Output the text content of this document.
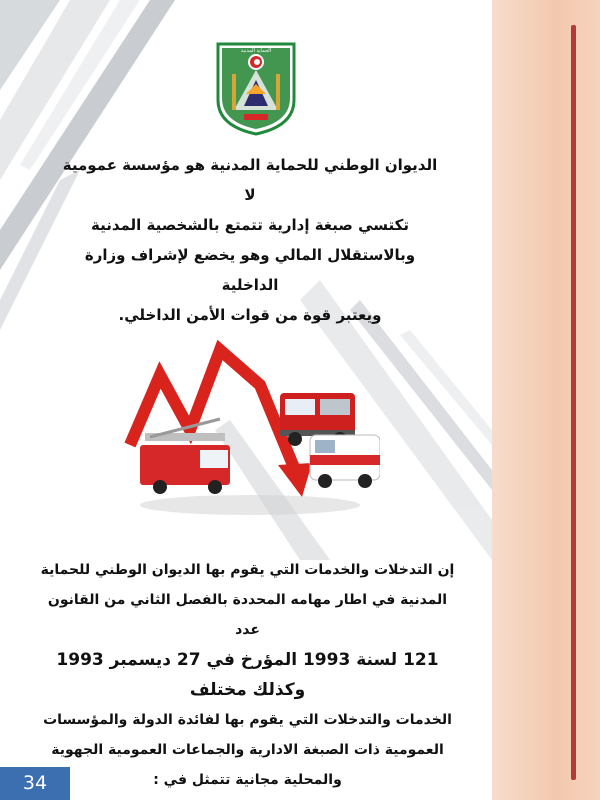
الحماية المدنية
الديوان الوطني للحماية المدنية هو مؤسسة عمومية لا
تكتسي صبغة إدارية تتمتع بالشخصية المدنية
وبالاستقلال المالي وهو يخضع لإشراف وزارة الداخلية
ويعتبر قوة من قوات الأمن الداخلي.
إن التدخلات والخدمات التي يقوم بها الديوان الوطني للحماية
المدنية في اطار مهامه المحددة بالفصل الثاني من القانون عدد
121 لسنة 1993 المؤرخ في 27 ديسمبر 1993 وكذلك مختلف
الخدمات والتدخلات التي يقوم بها لفائدة الدولة والمؤسسات
العمومية ذات الصبغة الادارية والجماعات العمومية الجهوية
والمحلية مجانية تتمثل في :
34
